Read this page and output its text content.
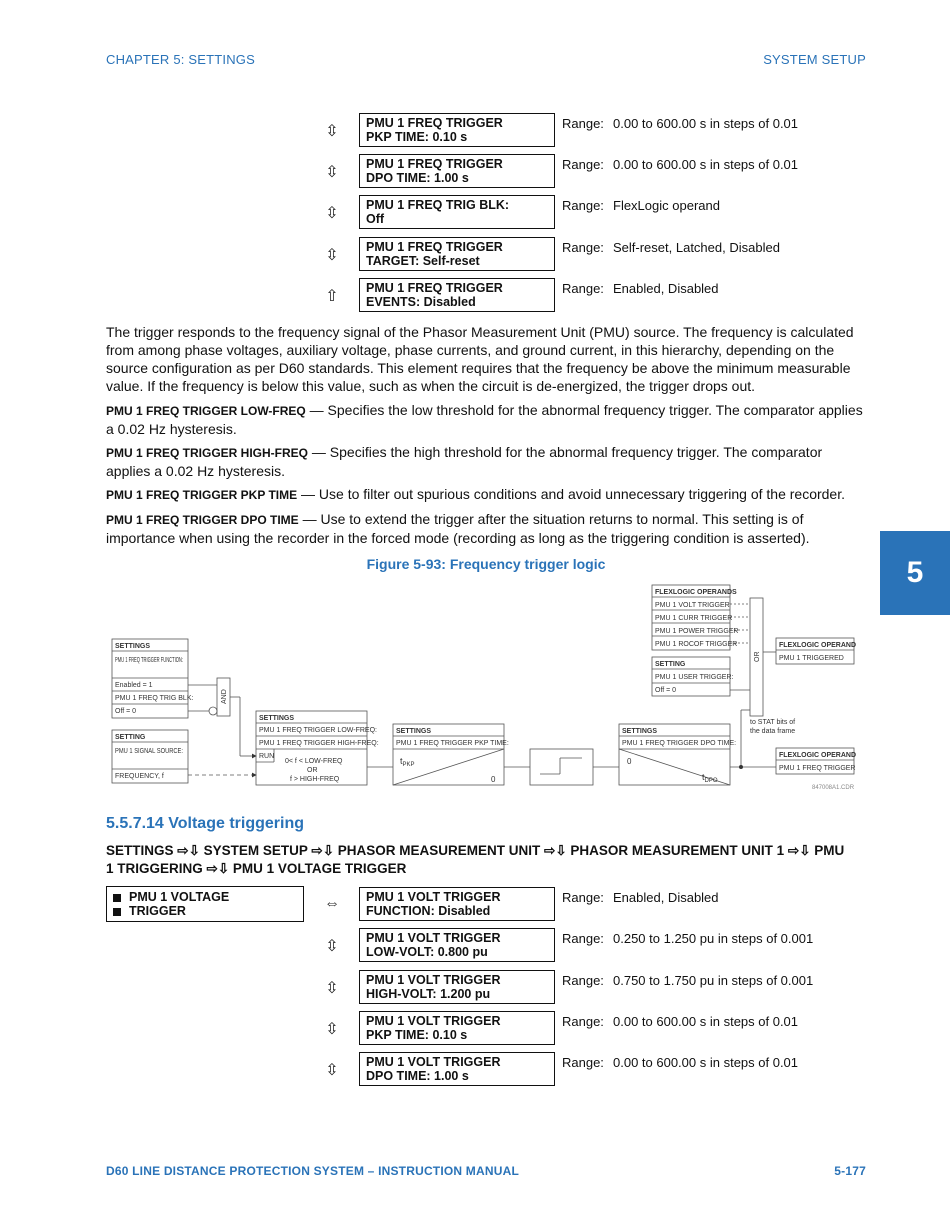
CHAPTER 5: SETTINGS	SYSTEM SETUP
5
⇳ PMU 1 FREQ TRIGGER
PKP TIME: 0.10 s
Range: 0.00 to 600.00 s in steps of 0.01
⇳ PMU 1 FREQ TRIGGER
DPO TIME: 1.00 s
Range: 0.00 to 600.00 s in steps of 0.01
⇳ PMU 1 FREQ TRIG BLK:
Off
Range: FlexLogic operand
⇳ PMU 1 FREQ TRIGGER
TARGET: Self-reset
Range: Self-reset, Latched, Disabled
⇧ PMU 1 FREQ TRIGGER
EVENTS: Disabled
Range: Enabled, Disabled
The trigger responds to the frequency signal of the Phasor Measurement Unit (PMU) source. The frequency is calculated from among phase voltages, auxiliary voltage, phase currents, and ground current, in this hierarchy, depending on the source configuration as per D60 standards. This element requires that the frequency be above the minimum measurable value. If the frequency is below this value, such as when the circuit is de-energized, the trigger drops out.
PMU 1 FREQ TRIGGER LOW-FREQ — Specifies the low threshold for the abnormal frequency trigger. The comparator applies a 0.02 Hz hysteresis.
PMU 1 FREQ TRIGGER HIGH-FREQ — Specifies the high threshold for the abnormal frequency trigger. The comparator applies a 0.02 Hz hysteresis.
PMU 1 FREQ TRIGGER PKP TIME — Use to filter out spurious conditions and avoid unnecessary triggering of the recorder.
PMU 1 FREQ TRIGGER DPO TIME — Use to extend the trigger after the situation returns to normal. This setting is of importance when using the recorder in the forced mode (recording as long as the triggering condition is asserted).
Figure 5-93: Frequency trigger logic
FLEXLOGIC OPERANDS
PMU 1 VOLT TRIGGER
PMU 1 CURR TRIGGER
PMU 1 POWER TRIGGER
PMU 1 ROCOF TRIGGER
SETTING
PMU 1 USER TRIGGER:
Off = 0
OR
to STAT bits of
the data frame
FLEXLOGIC OPERAND
PMU 1 TRIGGERED
SETTINGS
PMU 1 FREQ TRIGGER FUNCTION:
Enabled = 1
PMU 1 FREQ TRIG BLK:
Off = 0
AND
SETTING
PMU 1 SIGNAL SOURCE:
FREQUENCY, f
SETTINGS
PMU 1 FREQ TRIGGER LOW-FREQ:
PMU 1 FREQ TRIGGER HIGH-FREQ:
RUN
0< f < LOW-FREQ
OR
f > HIGH-FREQ
SETTINGS
PMU 1 FREQ TRIGGER PKP TIME:
$t_{PKP}$
0
SETTINGS
PMU 1 FREQ TRIGGER DPO TIME:
0
$t_{DPO}$
FLEXLOGIC OPERAND
PMU 1 FREQ TRIGGER
847008A1.CDR
5.5.7.14 Voltage triggering
SETTINGS ⇨⇩ SYSTEM SETUP ⇨⇩ PHASOR MEASUREMENT UNIT ⇨⇩ PHASOR MEASUREMENT UNIT 1 ⇨⇩ PMU 1 TRIGGERING ⇨⇩ PMU 1 VOLTAGE TRIGGER
PMU 1 VOLTAGE
TRIGGER	⇔ PMU 1 VOLT TRIGGER
FUNCTION: Disabled
Range: Enabled, Disabled
⇳ PMU 1 VOLT TRIGGER
LOW-VOLT: 0.800 pu
Range: 0.250 to 1.250 pu in steps of 0.001
⇳ PMU 1 VOLT TRIGGER
HIGH-VOLT: 1.200 pu
Range: 0.750 to 1.750 pu in steps of 0.001
⇳ PMU 1 VOLT TRIGGER
PKP TIME: 0.10 s
Range: 0.00 to 600.00 s in steps of 0.01
⇳ PMU 1 VOLT TRIGGER
DPO TIME: 1.00 s
Range: 0.00 to 600.00 s in steps of 0.01
D60 LINE DISTANCE PROTECTION SYSTEM – INSTRUCTION MANUAL	5-177
